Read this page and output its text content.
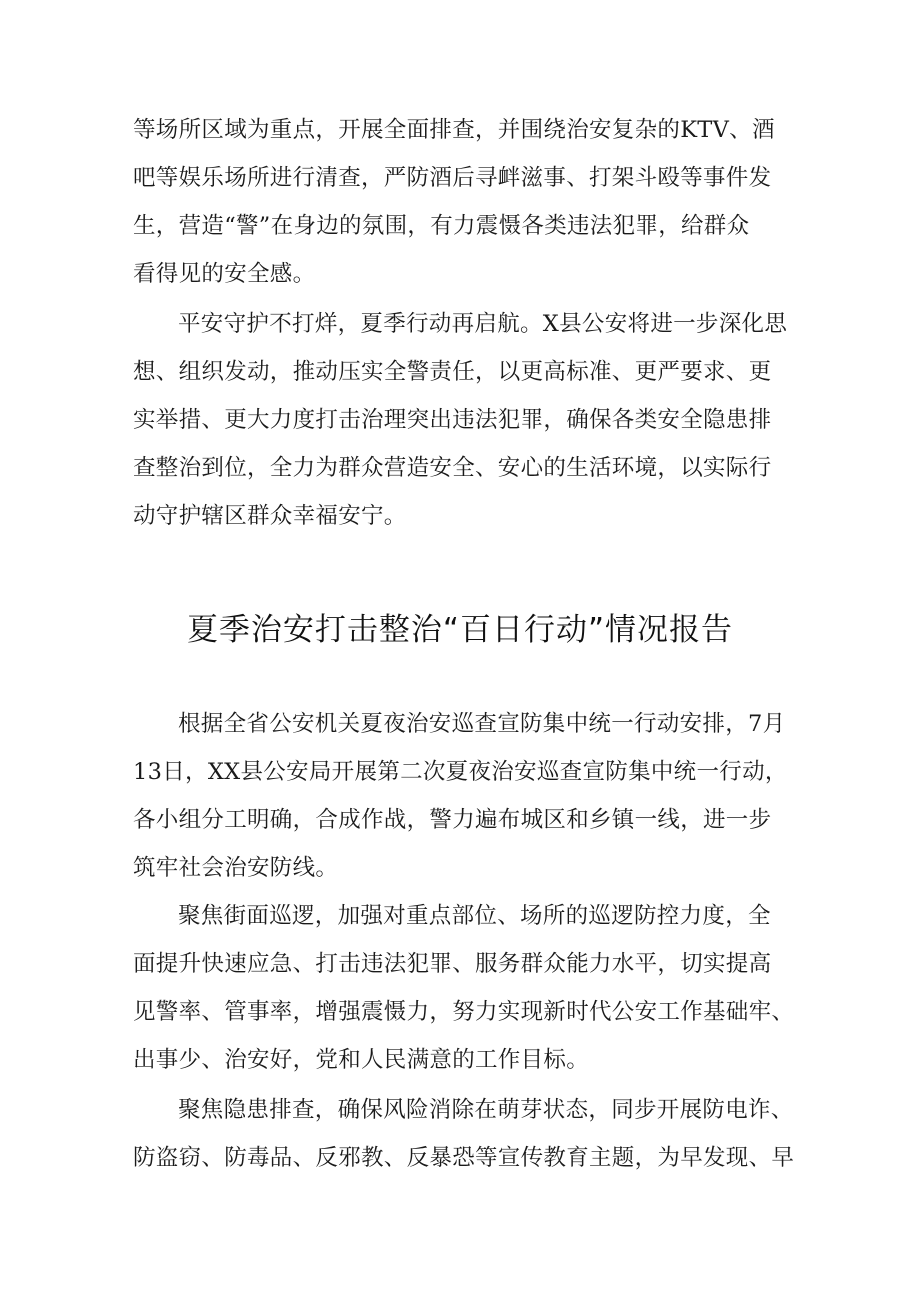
等场所区域为重点，开展全面排查，并围绕治安复杂的KTV、酒
吧等娱乐场所进行清查，严防酒后寻衅滋事、打架斗殴等事件发
生，营造“警”在身边的氛围，有力震慑各类违法犯罪，给群众
看得见的安全感。
平安守护不打烊，夏季行动再启航。X县公安将进一步深化思
想、组织发动，推动压实全警责任，以更高标准、更严要求、更
实举措、更大力度打击治理突出违法犯罪，确保各类安全隐患排
查整治到位，全力为群众营造安全、安心的生活环境，以实际行
动守护辖区群众幸福安宁。
夏季治安打击整治“百日行动”情况报告
根据全省公安机关夏夜治安巡查宣防集中统一行动安排，7月
13日，XX县公安局开展第二次夏夜治安巡查宣防集中统一行动，
各小组分工明确，合成作战，警力遍布城区和乡镇一线，进一步
筑牢社会治安防线。
聚焦街面巡逻，加强对重点部位、场所的巡逻防控力度，全
面提升快速应急、打击违法犯罪、服务群众能力水平，切实提高
见警率、管事率，增强震慑力，努力实现新时代公安工作基础牢、
出事少、治安好，党和人民满意的工作目标。
聚焦隐患排查，确保风险消除在萌芽状态，同步开展防电诈、
防盗窃、防毒品、反邪教、反暴恐等宣传教育主题，为早发现、早
